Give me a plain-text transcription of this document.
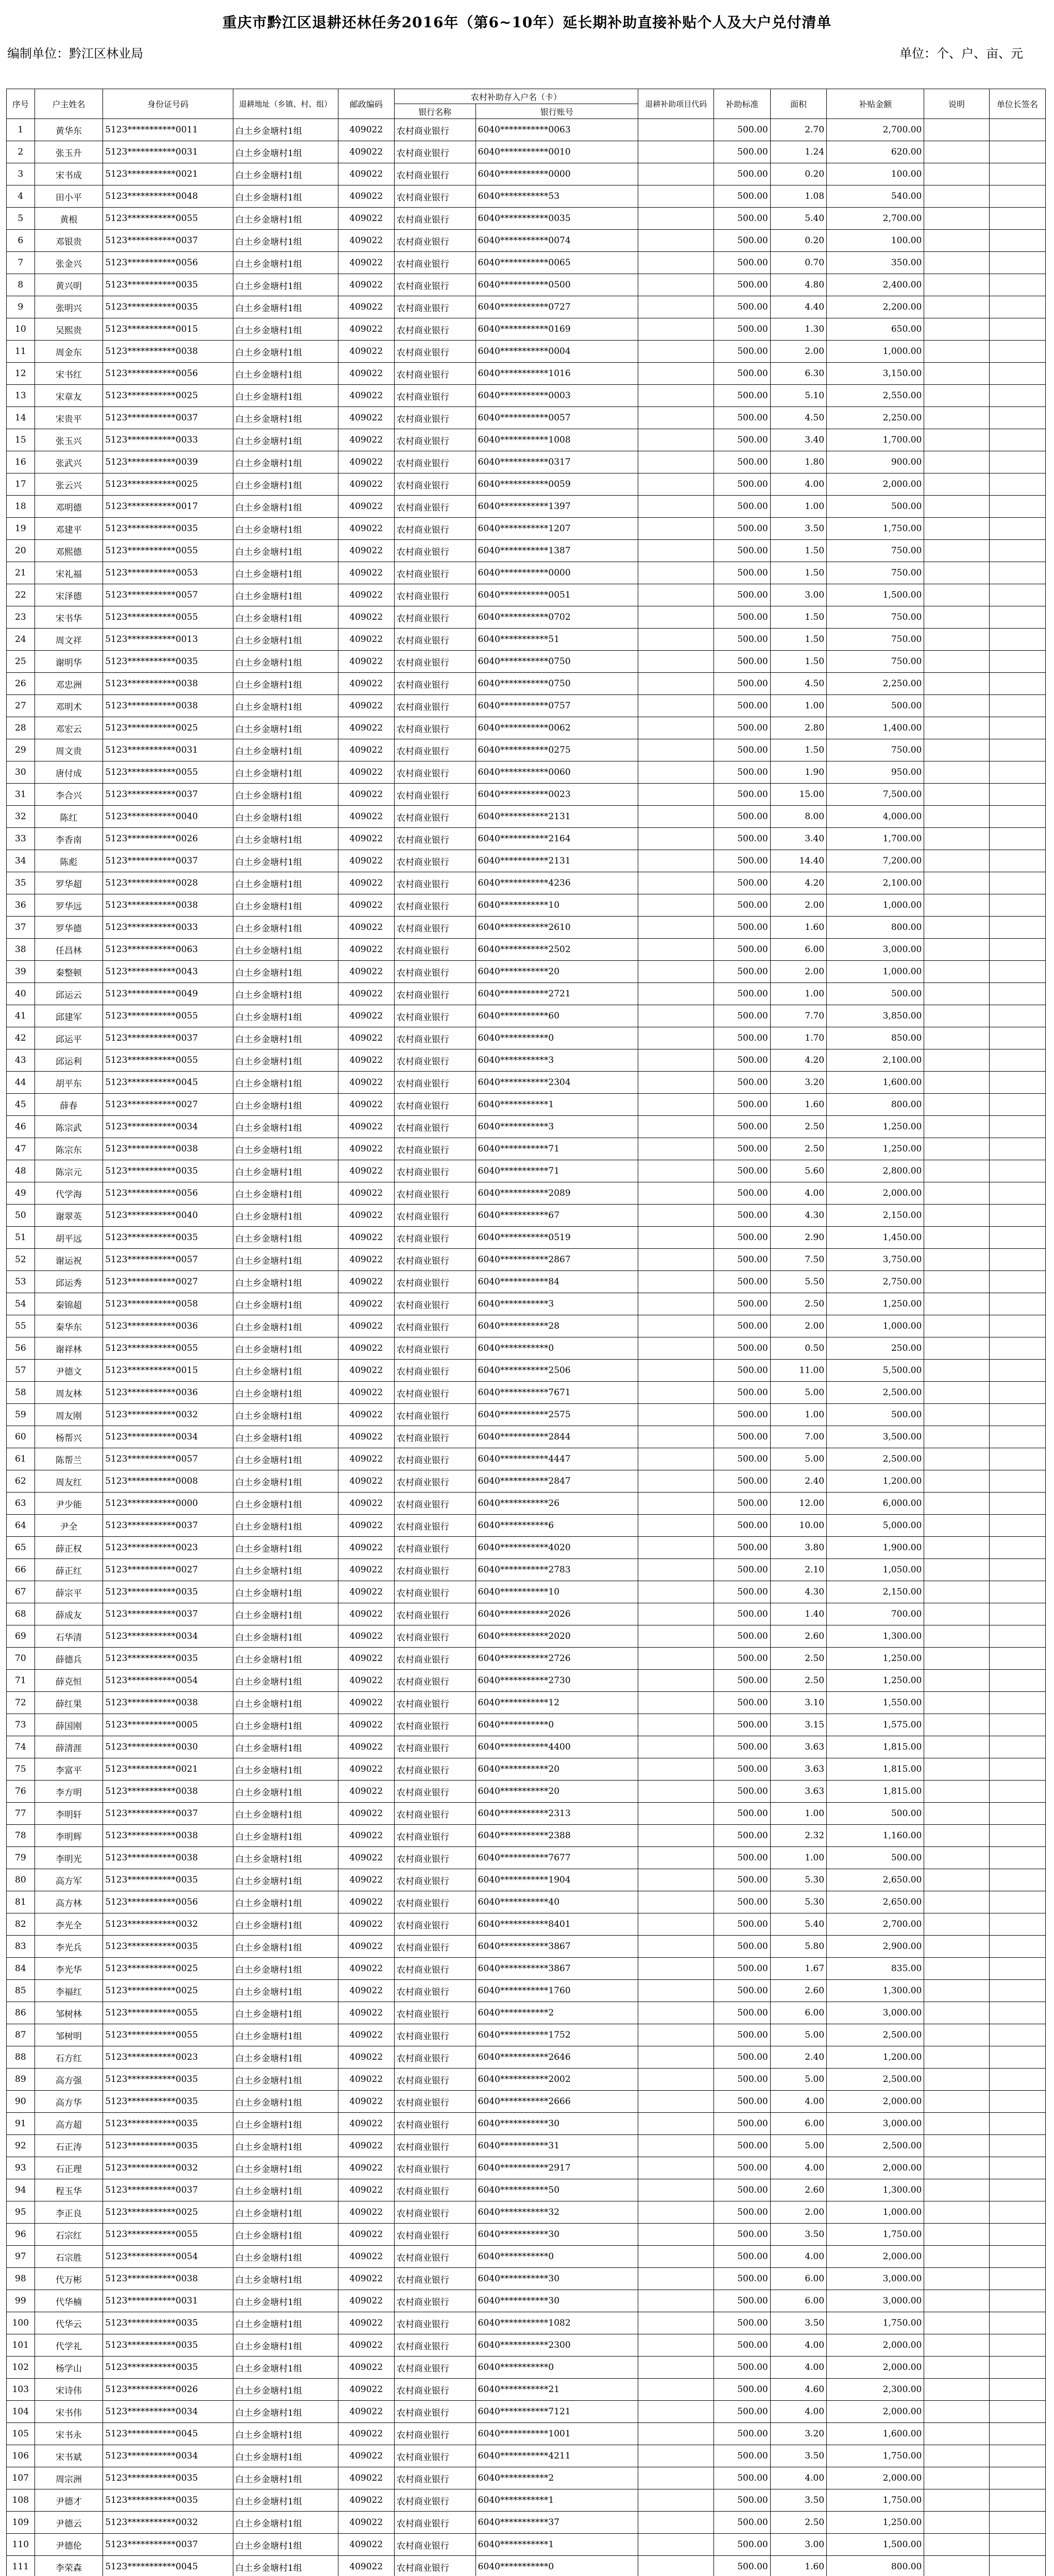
重庆市黔江区退耕还林任务2016年（第6~10年）延长期补助直接补贴个人及大户兑付清单
编制单位：黔江区林业局	单位：个、户、亩、元
序号	户主姓名	身份证号码	退耕地址（乡镇、村、组）	邮政编码	农村补助存入户名（卡）		退耕补助项目代码	补助标准	面积	补贴金额	说明	单位长签名
					银行名称	银行账号						
1	黄华东	5123***********0011	白土乡金塘村1组	409022	农村商业银行	6040***********0063		500.00	2.70	2,700.00		
2	张玉升	5123***********0031	白土乡金塘村1组	409022	农村商业银行	6040***********0010		500.00	1.24	620.00		
3	宋书成	5123***********0021	白土乡金塘村1组	409022	农村商业银行	6040***********0000		500.00	0.20	100.00		
4	田小平	5123***********0048	白土乡金塘村1组	409022	农村商业银行	6040***********53		500.00	1.08	540.00		
5	黄根	5123***********0055	白土乡金塘村1组	409022	农村商业银行	6040***********0035		500.00	5.40	2,700.00		
6	邓银贵	5123***********0037	白土乡金塘村1组	409022	农村商业银行	6040***********0074		500.00	0.20	100.00		
7	张金兴	5123***********0056	白土乡金塘村1组	409022	农村商业银行	6040***********0065		500.00	0.70	350.00		
8	黄兴明	5123***********0035	白土乡金塘村1组	409022	农村商业银行	6040***********0500		500.00	4.80	2,400.00		
9	张明兴	5123***********0035	白土乡金塘村1组	409022	农村商业银行	6040***********0727		500.00	4.40	2,200.00		
10	吴熙贵	5123***********0015	白土乡金塘村1组	409022	农村商业银行	6040***********0169		500.00	1.30	650.00		
11	周金东	5123***********0038	白土乡金塘村1组	409022	农村商业银行	6040***********0004		500.00	2.00	1,000.00		
12	宋书红	5123***********0056	白土乡金塘村1组	409022	农村商业银行	6040***********1016		500.00	6.30	3,150.00		
13	宋章友	5123***********0025	白土乡金塘村1组	409022	农村商业银行	6040***********0003		500.00	5.10	2,550.00		
14	宋贵平	5123***********0037	白土乡金塘村1组	409022	农村商业银行	6040***********0057		500.00	4.50	2,250.00		
15	张玉兴	5123***********0033	白土乡金塘村1组	409022	农村商业银行	6040***********1008		500.00	3.40	1,700.00		
16	张武兴	5123***********0039	白土乡金塘村1组	409022	农村商业银行	6040***********0317		500.00	1.80	900.00		
17	张云兴	5123***********0025	白土乡金塘村1组	409022	农村商业银行	6040***********0059		500.00	4.00	2,000.00		
18	邓明德	5123***********0017	白土乡金塘村1组	409022	农村商业银行	6040***********1397		500.00	1.00	500.00		
19	邓建平	5123***********0035	白土乡金塘村1组	409022	农村商业银行	6040***********1207		500.00	3.50	1,750.00		
20	邓熙德	5123***********0055	白土乡金塘村1组	409022	农村商业银行	6040***********1387		500.00	1.50	750.00		
21	宋礼福	5123***********0053	白土乡金塘村1组	409022	农村商业银行	6040***********0000		500.00	1.50	750.00		
22	宋泽德	5123***********0057	白土乡金塘村1组	409022	农村商业银行	6040***********0051		500.00	3.00	1,500.00		
23	宋书华	5123***********0055	白土乡金塘村1组	409022	农村商业银行	6040***********0702		500.00	1.50	750.00		
24	周文祥	5123***********0013	白土乡金塘村1组	409022	农村商业银行	6040***********51		500.00	1.50	750.00		
25	谢明华	5123***********0035	白土乡金塘村1组	409022	农村商业银行	6040***********0750		500.00	1.50	750.00		
26	邓忠洲	5123***********0038	白土乡金塘村1组	409022	农村商业银行	6040***********0750		500.00	4.50	2,250.00		
27	邓明术	5123***********0038	白土乡金塘村1组	409022	农村商业银行	6040***********0757		500.00	1.00	500.00		
28	邓宏云	5123***********0025	白土乡金塘村1组	409022	农村商业银行	6040***********0062		500.00	2.80	1,400.00		
29	周文贵	5123***********0031	白土乡金塘村1组	409022	农村商业银行	6040***********0275		500.00	1.50	750.00		
30	唐付成	5123***********0055	白土乡金塘村1组	409022	农村商业银行	6040***********0060		500.00	1.90	950.00		
31	李合兴	5123***********0037	白土乡金塘村1组	409022	农村商业银行	6040***********0023		500.00	15.00	7,500.00		
32	陈红	5123***********0040	白土乡金塘村1组	409022	农村商业银行	6040***********2131		500.00	8.00	4,000.00		
33	李香南	5123***********0026	白土乡金塘村1组	409022	农村商业银行	6040***********2164		500.00	3.40	1,700.00		
34	陈彪	5123***********0037	白土乡金塘村1组	409022	农村商业银行	6040***********2131		500.00	14.40	7,200.00		
35	罗华超	5123***********0028	白土乡金塘村1组	409022	农村商业银行	6040***********4236		500.00	4.20	2,100.00		
36	罗华远	5123***********0038	白土乡金塘村1组	409022	农村商业银行	6040***********10		500.00	2.00	1,000.00		
37	罗华德	5123***********0033	白土乡金塘村1组	409022	农村商业银行	6040***********2610		500.00	1.60	800.00		
38	任昌林	5123***********0063	白土乡金塘村1组	409022	农村商业银行	6040***********2502		500.00	6.00	3,000.00		
39	秦整顿	5123***********0043	白土乡金塘村1组	409022	农村商业银行	6040***********20		500.00	2.00	1,000.00		
40	邱运云	5123***********0049	白土乡金塘村1组	409022	农村商业银行	6040***********2721		500.00	1.00	500.00		
41	邱建军	5123***********0055	白土乡金塘村1组	409022	农村商业银行	6040***********60		500.00	7.70	3,850.00		
42	邱运平	5123***********0037	白土乡金塘村1组	409022	农村商业银行	6040***********0		500.00	1.70	850.00		
43	邱运利	5123***********0055	白土乡金塘村1组	409022	农村商业银行	6040***********3		500.00	4.20	2,100.00		
44	胡平东	5123***********0045	白土乡金塘村1组	409022	农村商业银行	6040***********2304		500.00	3.20	1,600.00		
45	薛春	5123***********0027	白土乡金塘村1组	409022	农村商业银行	6040***********1		500.00	1.60	800.00		
46	陈宗武	5123***********0034	白土乡金塘村1组	409022	农村商业银行	6040***********3		500.00	2.50	1,250.00		
47	陈宗东	5123***********0038	白土乡金塘村1组	409022	农村商业银行	6040***********71		500.00	2.50	1,250.00		
48	陈宗元	5123***********0035	白土乡金塘村1组	409022	农村商业银行	6040***********71		500.00	5.60	2,800.00		
49	代学海	5123***********0056	白土乡金塘村1组	409022	农村商业银行	6040***********2089		500.00	4.00	2,000.00		
50	谢翠英	5123***********0040	白土乡金塘村1组	409022	农村商业银行	6040***********67		500.00	4.30	2,150.00		
51	胡平远	5123***********0035	白土乡金塘村1组	409022	农村商业银行	6040***********0519		500.00	2.90	1,450.00		
52	谢运祝	5123***********0057	白土乡金塘村1组	409022	农村商业银行	6040***********2867		500.00	7.50	3,750.00		
53	邱运秀	5123***********0027	白土乡金塘村1组	409022	农村商业银行	6040***********84		500.00	5.50	2,750.00		
54	秦锦超	5123***********0058	白土乡金塘村1组	409022	农村商业银行	6040***********3		500.00	2.50	1,250.00		
55	秦华东	5123***********0036	白土乡金塘村1组	409022	农村商业银行	6040***********28		500.00	2.00	1,000.00		
56	谢祥林	5123***********0055	白土乡金塘村1组	409022	农村商业银行	6040***********0		500.00	0.50	250.00		
57	尹德文	5123***********0015	白土乡金塘村1组	409022	农村商业银行	6040***********2506		500.00	11.00	5,500.00		
58	周友林	5123***********0036	白土乡金塘村1组	409022	农村商业银行	6040***********7671		500.00	5.00	2,500.00		
59	周友刚	5123***********0032	白土乡金塘村1组	409022	农村商业银行	6040***********2575		500.00	1.00	500.00		
60	杨帮兴	5123***********0034	白土乡金塘村1组	409022	农村商业银行	6040***********2844		500.00	7.00	3,500.00		
61	陈帮兰	5123***********0057	白土乡金塘村1组	409022	农村商业银行	6040***********4447		500.00	5.00	2,500.00		
62	周友红	5123***********0008	白土乡金塘村1组	409022	农村商业银行	6040***********2847		500.00	2.40	1,200.00		
63	尹少能	5123***********0000	白土乡金塘村1组	409022	农村商业银行	6040***********26		500.00	12.00	6,000.00		
64	尹全	5123***********0037	白土乡金塘村1组	409022	农村商业银行	6040***********6		500.00	10.00	5,000.00		
65	薛正权	5123***********0023	白土乡金塘村1组	409022	农村商业银行	6040***********4020		500.00	3.80	1,900.00		
66	薛正红	5123***********0027	白土乡金塘村1组	409022	农村商业银行	6040***********2783		500.00	2.10	1,050.00		
67	薛宗平	5123***********0035	白土乡金塘村1组	409022	农村商业银行	6040***********10		500.00	4.30	2,150.00		
68	薛成友	5123***********0037	白土乡金塘村1组	409022	农村商业银行	6040***********2026		500.00	1.40	700.00		
69	石华清	5123***********0034	白土乡金塘村1组	409022	农村商业银行	6040***********2020		500.00	2.60	1,300.00		
70	薛德兵	5123***********0035	白土乡金塘村1组	409022	农村商业银行	6040***********2726		500.00	2.50	1,250.00		
71	薛克恒	5123***********0054	白土乡金塘村1组	409022	农村商业银行	6040***********2730		500.00	2.50	1,250.00		
72	薛红果	5123***********0038	白土乡金塘村1组	409022	农村商业银行	6040***********12		500.00	3.10	1,550.00		
73	薛国刚	5123***********0005	白土乡金塘村1组	409022	农村商业银行	6040***********0		500.00	3.15	1,575.00		
74	薛清涯	5123***********0030	白土乡金塘村1组	409022	农村商业银行	6040***********4400		500.00	3.63	1,815.00		
75	李富平	5123***********0021	白土乡金塘村1组	409022	农村商业银行	6040***********20		500.00	3.63	1,815.00		
76	李方明	5123***********0038	白土乡金塘村1组	409022	农村商业银行	6040***********20		500.00	3.63	1,815.00		
77	李明轩	5123***********0037	白土乡金塘村1组	409022	农村商业银行	6040***********2313		500.00	1.00	500.00		
78	李明辉	5123***********0038	白土乡金塘村1组	409022	农村商业银行	6040***********2388		500.00	2.32	1,160.00		
79	李明光	5123***********0038	白土乡金塘村1组	409022	农村商业银行	6040***********7677		500.00	1.00	500.00		
80	高方军	5123***********0035	白土乡金塘村1组	409022	农村商业银行	6040***********1904		500.00	5.30	2,650.00		
81	高方林	5123***********0056	白土乡金塘村1组	409022	农村商业银行	6040***********40		500.00	5.30	2,650.00		
82	李光全	5123***********0032	白土乡金塘村1组	409022	农村商业银行	6040***********8401		500.00	5.40	2,700.00		
83	李光兵	5123***********0035	白土乡金塘村1组	409022	农村商业银行	6040***********3867		500.00	5.80	2,900.00		
84	李光华	5123***********0025	白土乡金塘村1组	409022	农村商业银行	6040***********3867		500.00	1.67	835.00		
85	李福红	5123***********0025	白土乡金塘村1组	409022	农村商业银行	6040***********1760		500.00	2.60	1,300.00		
86	邹树林	5123***********0055	白土乡金塘村1组	409022	农村商业银行	6040***********2		500.00	6.00	3,000.00		
87	邹树明	5123***********0055	白土乡金塘村1组	409022	农村商业银行	6040***********1752		500.00	5.00	2,500.00		
88	石方红	5123***********0023	白土乡金塘村1组	409022	农村商业银行	6040***********2646		500.00	2.40	1,200.00		
89	高方强	5123***********0035	白土乡金塘村1组	409022	农村商业银行	6040***********2002		500.00	5.00	2,500.00		
90	高方华	5123***********0035	白土乡金塘村1组	409022	农村商业银行	6040***********2666		500.00	4.00	2,000.00		
91	高方超	5123***********0035	白土乡金塘村1组	409022	农村商业银行	6040***********30		500.00	6.00	3,000.00		
92	石正涛	5123***********0035	白土乡金塘村1组	409022	农村商业银行	6040***********31		500.00	5.00	2,500.00		
93	石正理	5123***********0032	白土乡金塘村1组	409022	农村商业银行	6040***********2917		500.00	4.00	2,000.00		
94	程玉华	5123***********0037	白土乡金塘村1组	409022	农村商业银行	6040***********50		500.00	2.60	1,300.00		
95	李正良	5123***********0025	白土乡金塘村1组	409022	农村商业银行	6040***********32		500.00	2.00	1,000.00		
96	石宗红	5123***********0055	白土乡金塘村1组	409022	农村商业银行	6040***********30		500.00	3.50	1,750.00		
97	石宗胜	5123***********0054	白土乡金塘村1组	409022	农村商业银行	6040***********0		500.00	4.00	2,000.00		
98	代万彬	5123***********0038	白土乡金塘村1组	409022	农村商业银行	6040***********30		500.00	6.00	3,000.00		
99	代华楠	5123***********0031	白土乡金塘村1组	409022	农村商业银行	6040***********30		500.00	6.00	3,000.00		
100	代华云	5123***********0035	白土乡金塘村1组	409022	农村商业银行	6040***********1082		500.00	3.50	1,750.00		
101	代学礼	5123***********0035	白土乡金塘村1组	409022	农村商业银行	6040***********2300		500.00	4.00	2,000.00		
102	杨学山	5123***********0035	白土乡金塘村1组	409022	农村商业银行	6040***********0		500.00	4.00	2,000.00		
103	宋诗伟	5123***********0026	白土乡金塘村1组	409022	农村商业银行	6040***********21		500.00	4.60	2,300.00		
104	宋书伟	5123***********0034	白土乡金塘村1组	409022	农村商业银行	6040***********7121		500.00	4.00	2,000.00		
105	宋书永	5123***********0045	白土乡金塘村1组	409022	农村商业银行	6040***********1001		500.00	3.20	1,600.00		
106	宋书斌	5123***********0034	白土乡金塘村1组	409022	农村商业银行	6040***********4211		500.00	3.50	1,750.00		
107	周宗洲	5123***********0035	白土乡金塘村1组	409022	农村商业银行	6040***********2		500.00	4.00	2,000.00		
108	尹德才	5123***********0035	白土乡金塘村1组	409022	农村商业银行	6040***********1		500.00	3.50	1,750.00		
109	尹德云	5123***********0032	白土乡金塘村1组	409022	农村商业银行	6040***********37		500.00	2.50	1,250.00		
110	尹德伦	5123***********0037	白土乡金塘村1组	409022	农村商业银行	6040***********1		500.00	3.00	1,500.00		
111	李荣森	5123***********0045	白土乡金塘村1组	409022	农村商业银行	6040***********0		500.00	1.60	800.00		
